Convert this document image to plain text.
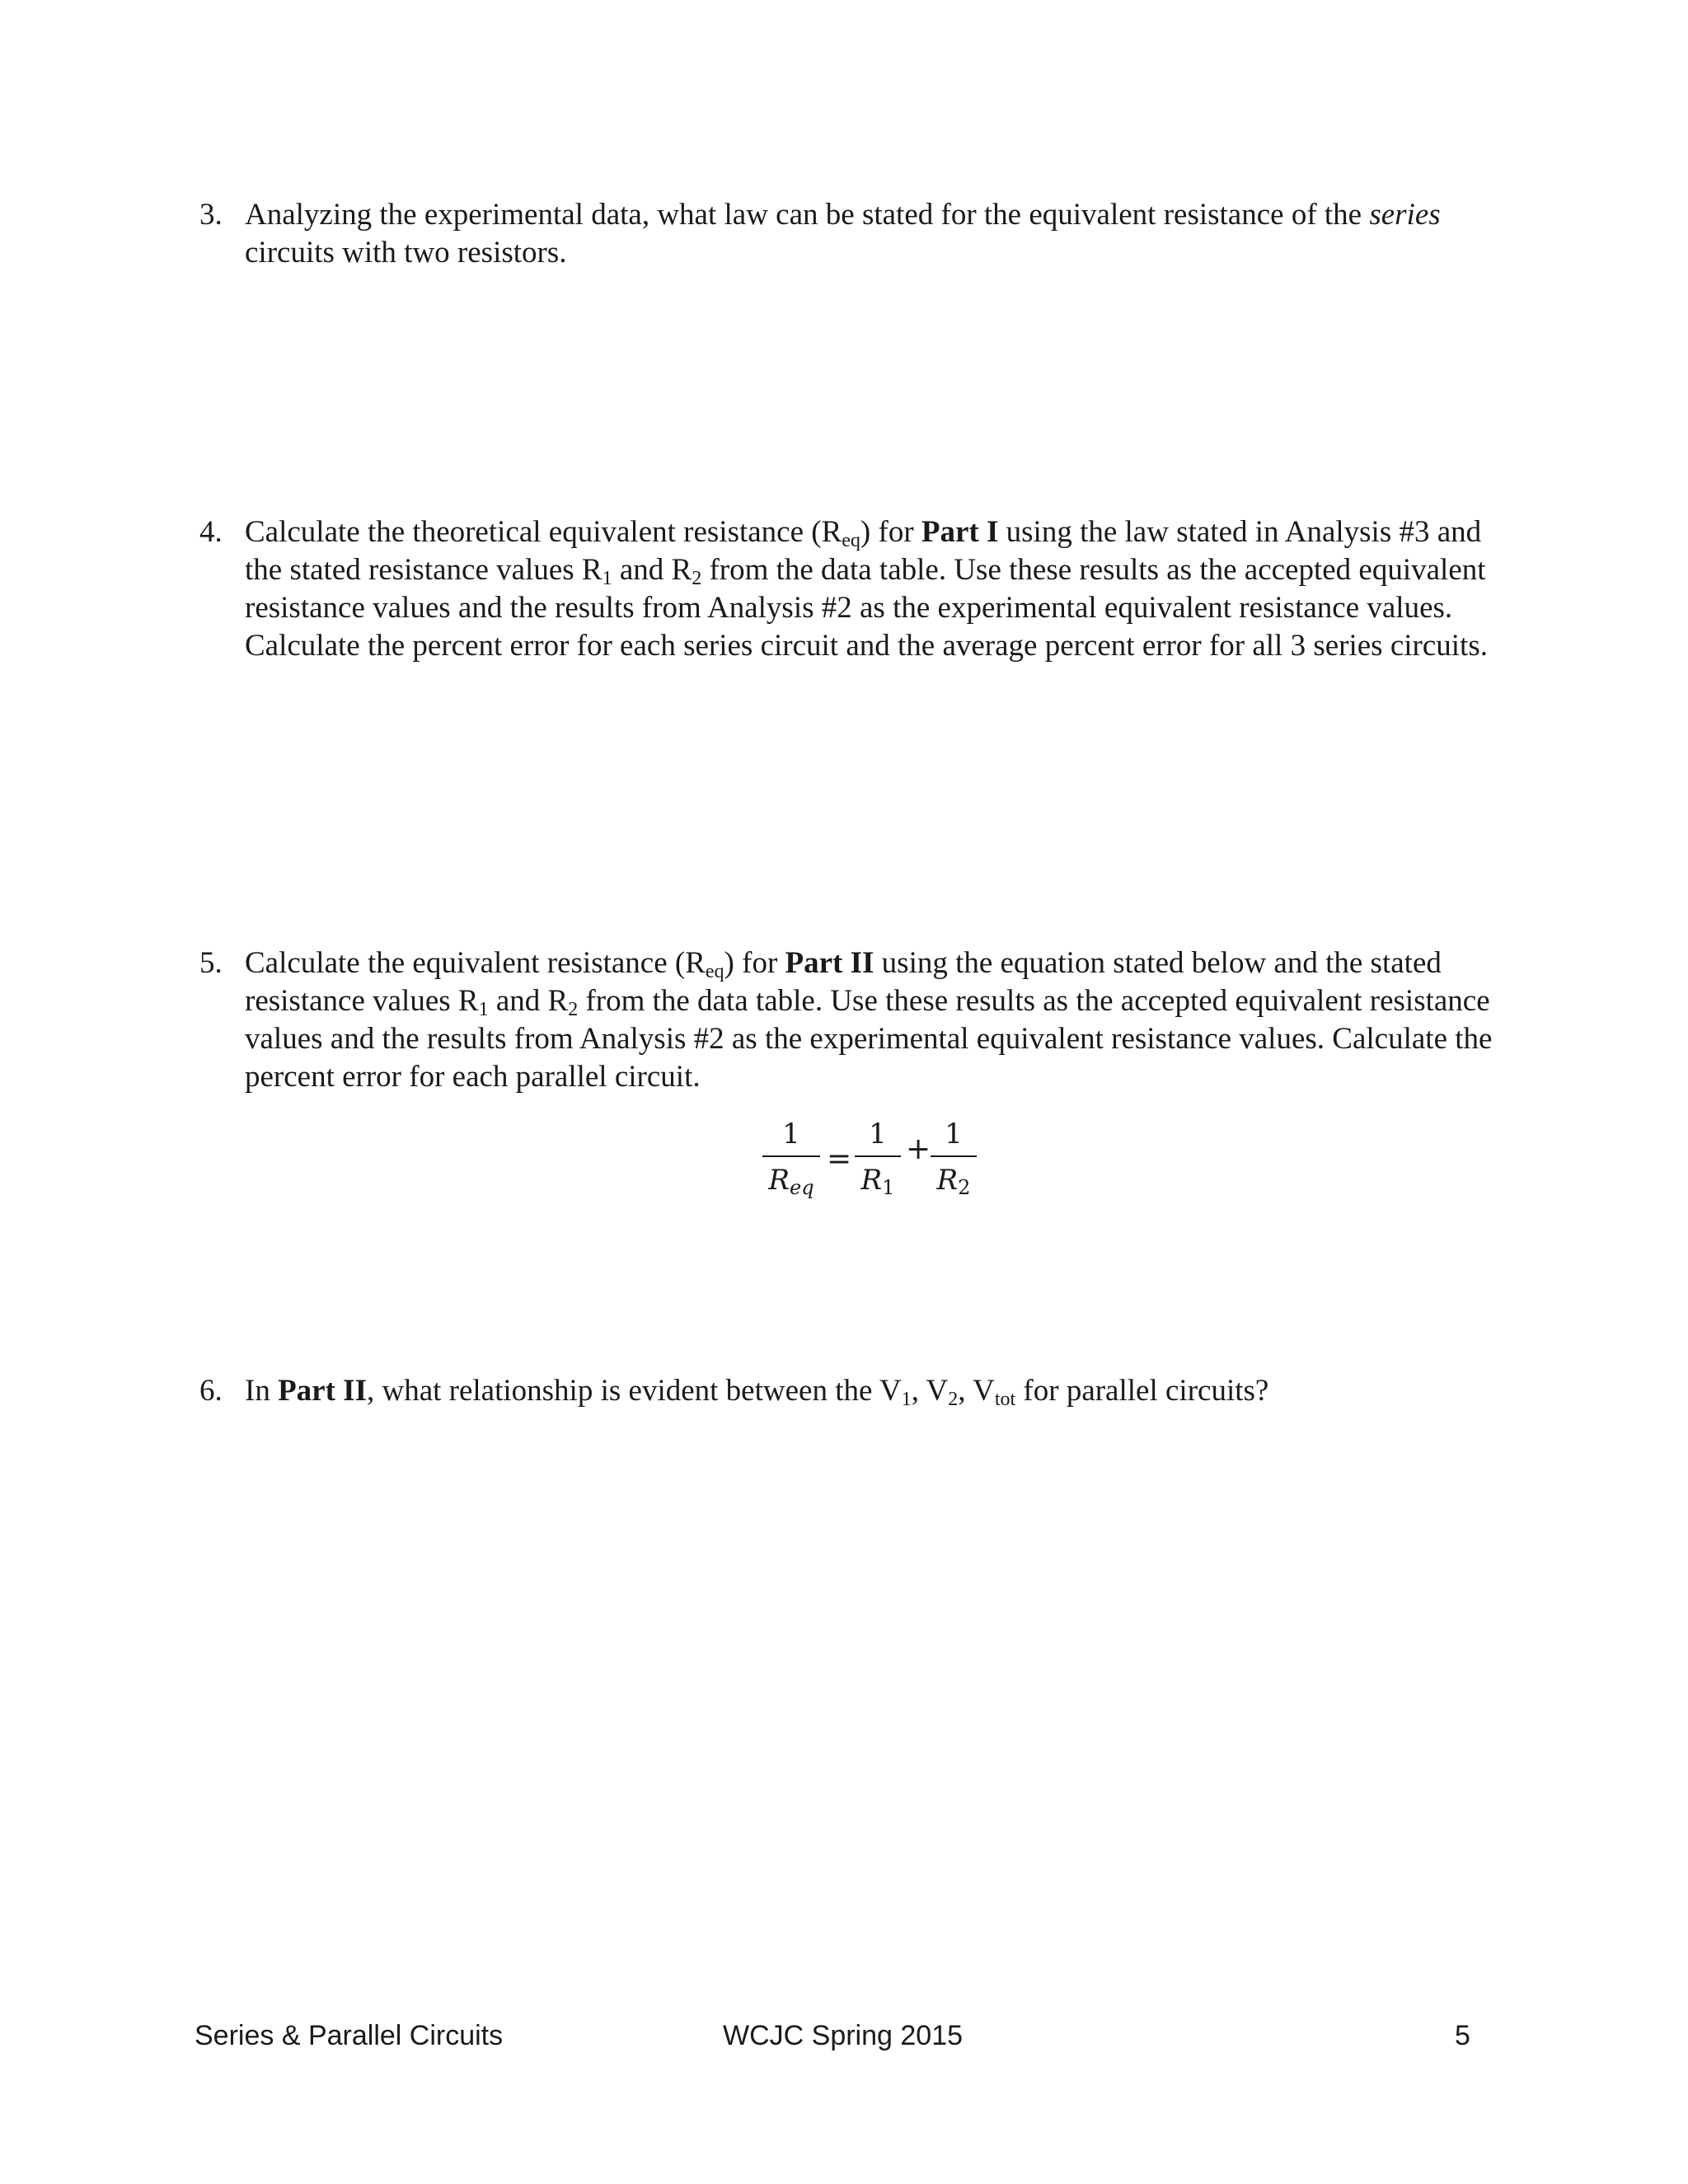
3. Analyzing the experimental data, what law can be stated for the equivalent resistance of the series
circuits with two resistors.
4. Calculate the theoretical equivalent resistance $(R_{eq})$ for Part I using the law stated in Analysis #3 and the stated resistance values $R_1$ and $R_2$ from the data table. Use these results as the accepted equivalent resistance values and the results from Analysis #2 as the experimental equivalent resistance values. Calculate the percent error for each series circuit and the average percent error for all 3 series circuits.
5. Calculate the equivalent resistance $(R_{eq})$ for Part II using the equation stated below and the stated resistance values $R_1$ and $R_2$ from the data table. Use these results as the accepted equivalent resistance values and the results from Analysis #2 as the experimental equivalent resistance values. Calculate the percent error for each parallel circuit.
1
Req
=
1
R1
+ 1
R2
6. In Part II, what relationship is evident between the $V_1$, $V_2$, $V_{tot}$ for parallel circuits?
Series & Parallel Circuits	WCJC Spring 2015	5
